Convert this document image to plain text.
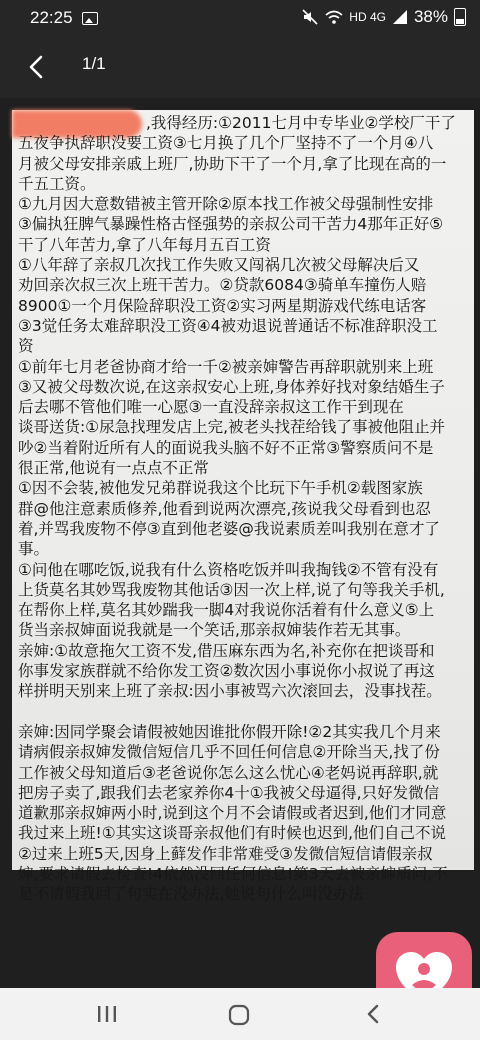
22:25	HD 4G 38%
1/1
,我得经历:①2011七月中专毕业②学校厂干了
五夜争执辞职没要工资③七月换了几个厂坚持不了一个月④八
月被父母安排亲戚上班厂,协助下干了一个月,拿了比现在高的一
千五工资。
①九月因大意数错被主管开除②原本找工作被父母强制性安排
③偏执狂脾气暴躁性格古怪强势的亲叔公司干苦力4那年正好⑤
干了八年苦力,拿了八年每月五百工资
①八年辞了亲叔几次找工作失败又闯祸几次被父母解决后又
劝回亲次叔三次上班干苦力。②贷款6084③骑单车撞伤人赔
8900①一个月保险辞职没工资②实习两星期游戏代练电话客
③3觉任务太难辞职没工资④4被劝退说普通话不标准辞职没工
资
①前年七月老爸协商才给一千②被亲婶警告再辞职就别来上班
③又被父母数次说,在这亲叔安心上班,身体养好找对象结婚生子
后去哪不管他们唯一心愿③一直没辞亲叔这工作干到现在
谈哥送货:①尿急找理发店上完,被老头找茬给钱了事被他阻止并
吵②当着附近所有人的面说我头脑不好不正常③警察质问不是
很正常,他说有一点点不正常
①因不会装,被他发兄弟群说我这个比玩下午手机②载图家族
群@他注意素质修养,他看到说两次漂亮,孩说我父母看到也忍
着,并骂我废物不停③直到他老婆@我说素质差叫我别在意才了
事。
①问他在哪吃饭,说我有什么资格吃饭并叫我掏钱②不管有没有
上货莫名其妙骂我废物其他话③因一次上样,说了句等我关手机,
在帮你上样,莫名其妙踹我一脚4对我说你活着有什么意义⑤上
货当亲叔婶面说我就是一个笑话,那亲叔婶装作若无其事。
亲婶:①故意拖欠工资不发,借压麻东西为名,补充你在把谈哥和
你事发家族群就不给你发工资②数次因小事说你小叔说了再这
样拼明天别来上班了亲叔:因小事被骂六次滚回去，没事找茬。

亲婶:因同学聚会请假被她因谁批你假开除!②2其实我几个月来
请病假亲叔婶发微信短信几乎不回任何信息②开除当天,找了份
工作被父母知道后③老爸说你怎么这么忧心④老妈说再辞职,就
把房子卖了,跟我们去老家养你4十①我被父母逼得,只好发微信
道歉那亲叔婶两小时,说到这个月不会请假或者迟到,他们才同意
我过来上班!①其实这谈哥亲叔他们有时候也迟到,他们自己不说
②过来上班5天,因身上藓发作非常难受③发微信短信请假亲叔
婶,要求请假去检查!4依然没回任何信息!第3天去被亲婶质问,不
是不请假我回了句实在没办法,她说句什么叫没办法
